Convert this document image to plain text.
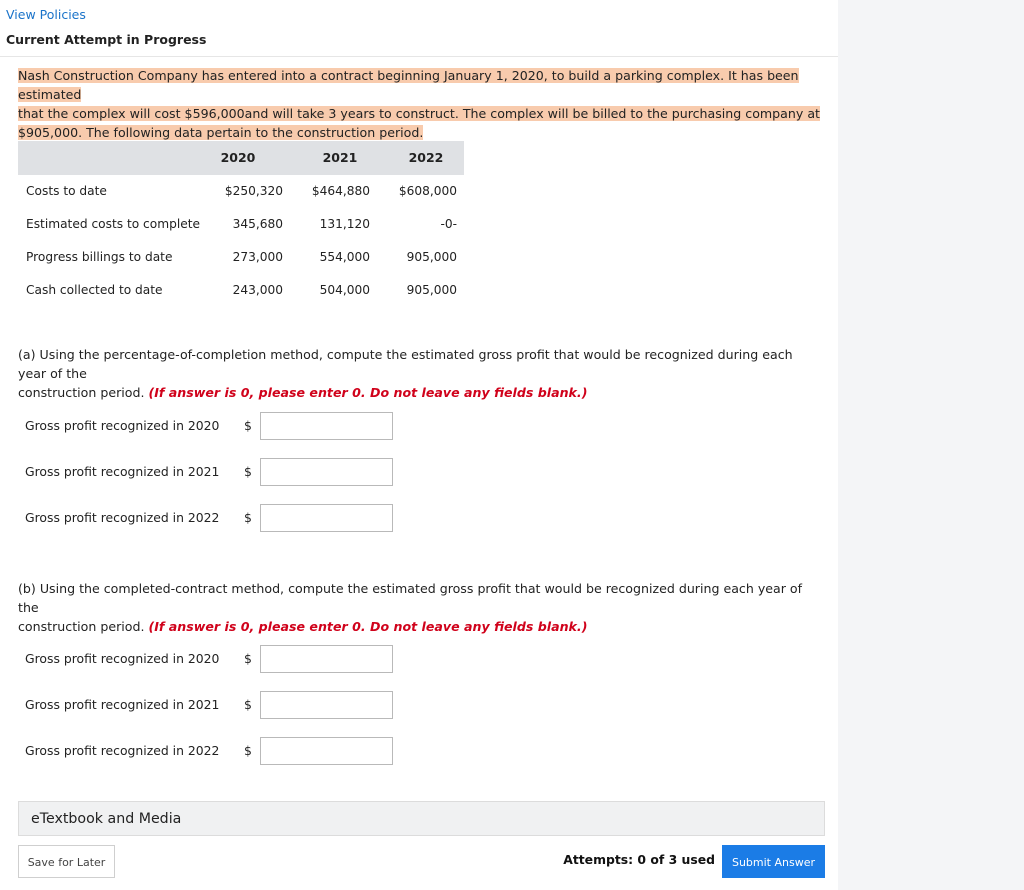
View Policies
Current Attempt in Progress
Nash Construction Company has entered into a contract beginning January 1, 2020, to build a parking complex. It has been estimated
that the complex will cost $596,000and will take 3 years to construct. The complex will be billed to the purchasing company at
$905,000. The following data pertain to the construction period.
2020	2021	2022
Costs to date	$250,320	$464,880	$608,000
Estimated costs to complete	345,680	131,120	-0-
Progress billings to date	273,000	554,000	905,000
Cash collected to date	243,000	504,000	905,000
(a) Using the percentage-of-completion method, compute the estimated gross profit that would be recognized during each year of the
construction period. (If answer is 0, please enter 0. Do not leave any fields blank.)
Gross profit recognized in 2020 $
Gross profit recognized in 2021 $
Gross profit recognized in 2022 $
(b) Using the completed-contract method, compute the estimated gross profit that would be recognized during each year of the
construction period. (If answer is 0, please enter 0. Do not leave any fields blank.)
Gross profit recognized in 2020 $
Gross profit recognized in 2021 $
Gross profit recognized in 2022 $
eTextbook and Media
Save for Later	Attempts: 0 of 3 used	Submit Answer
